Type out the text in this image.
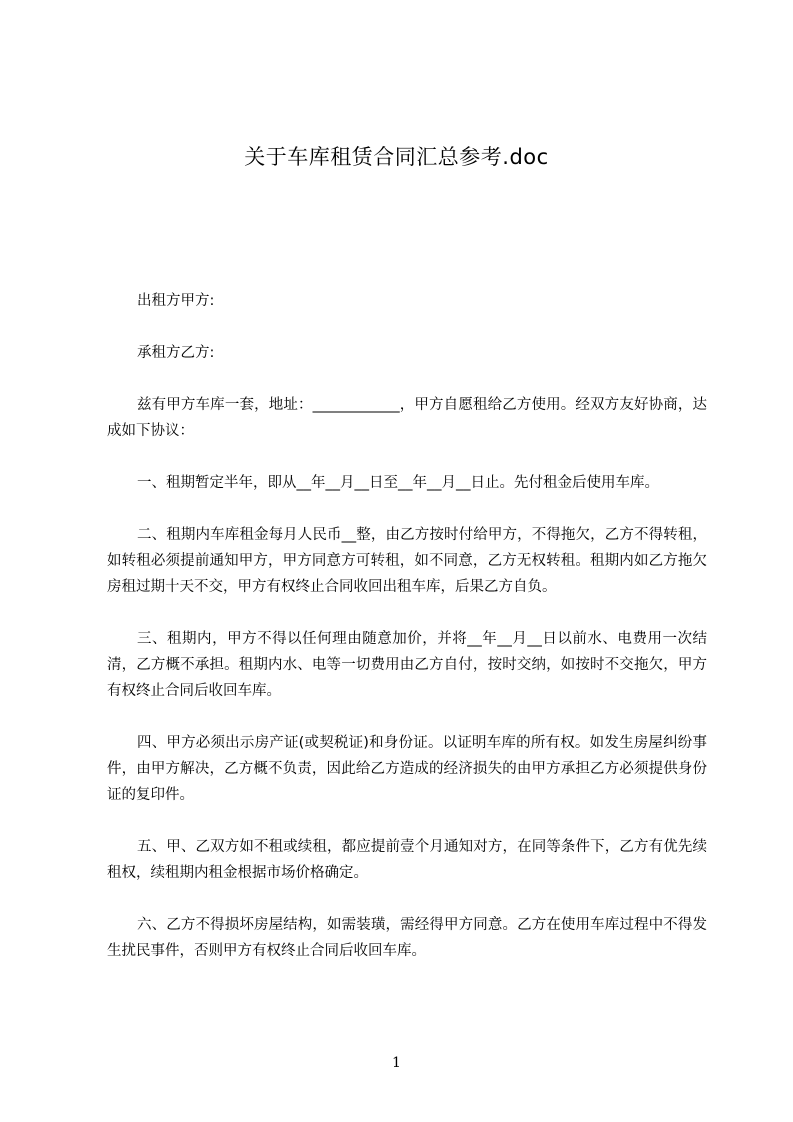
关于车库租赁合同汇总参考.doc

出租方甲方:

承租方乙方:

兹有甲方车库一套，地址：____________，甲方自愿租给乙方使用。经双方友好协商，达成如下协议：

一、租期暂定半年，即从__年__月__日至__年__月__日止。先付租金后使用车库。

二、租期内车库租金每月人民币__整，由乙方按时付给甲方，不得拖欠，乙方不得转租，如转租必须提前通知甲方，甲方同意方可转租，如不同意，乙方无权转租。租期内如乙方拖欠房租过期十天不交，甲方有权终止合同收回出租车库，后果乙方自负。

三、租期内，甲方不得以任何理由随意加价，并将__年__月__日以前水、电费用一次结清，乙方概不承担。租期内水、电等一切费用由乙方自付，按时交纳，如按时不交拖欠，甲方有权终止合同后收回车库。

四、甲方必须出示房产证(或契税证)和身份证。以证明车库的所有权。如发生房屋纠纷事件，由甲方解决，乙方概不负责，因此给乙方造成的经济损失的由甲方承担乙方必须提供身份证的复印件。

五、甲、乙双方如不租或续租，都应提前壹个月通知对方，在同等条件下，乙方有优先续租权，续租期内租金根据市场价格确定。

六、乙方不得损坏房屋结构，如需装璜，需经得甲方同意。乙方在使用车库过程中不得发生扰民事件，否则甲方有权终止合同后收回车库。

1
